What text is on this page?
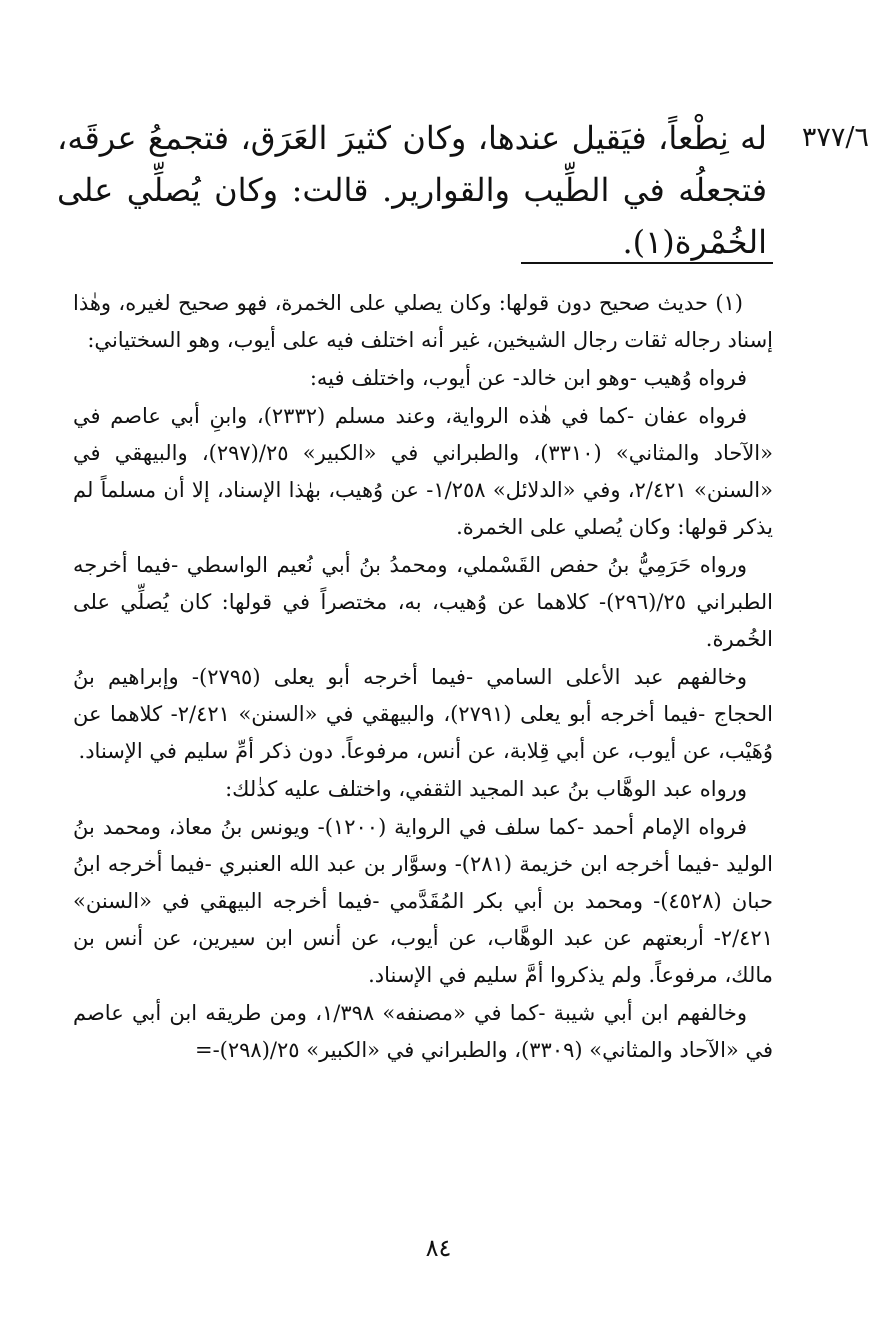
٣٧٧/٦

له نِطْعاً، فيَقيل عندها، وكان كثيرَ العَرَق، فتجمعُ عرقَه، فتجعلُه في الطِّيب والقوارير. قالت: وكان يُصلِّي على الخُمْرة(١).

(١) حديث صحيح دون قولها: وكان يصلي على الخمرة، فهو صحيح لغيره، وهٰذا إسناد رجاله ثقات رجال الشيخين، غير أنه اختلف فيه على أيوب، وهو السختياني:

فرواه وُهيب -وهو ابن خالد- عن أيوب، واختلف فيه:

فرواه عفان -كما في هٰذه الرواية، وعند مسلم (٢٣٣٢)، وابنِ أبي عاصم في «الآحاد والمثاني» (٣٣١٠)، والطبراني في «الكبير» ٢٥/(٢٩٧)، والبيهقي في «السنن» ٢/٤٢١، وفي «الدلائل» ١/٢٥٨- عن وُهيب، بهٰذا الإسناد، إلا أن مسلماً لم يذكر قولها: وكان يُصلي على الخمرة.

ورواه حَرَمِيُّ بنُ حفص القَسْملي، ومحمدُ بنُ أبي نُعيم الواسطي -فيما أخرجه الطبراني ٢٥/(٢٩٦)- كلاهما عن وُهيب، به، مختصراً في قولها: كان يُصلِّي على الخُمرة.

وخالفهم عبد الأعلى السامي -فيما أخرجه أبو يعلى (٢٧٩٥)- وإبراهيم بنُ الحجاج -فيما أخرجه أبو يعلى (٢٧٩١)، والبيهقي في «السنن» ٢/٤٢١- كلاهما عن وُهَيْب، عن أيوب، عن أبي قِلابة، عن أنس، مرفوعاً. دون ذكر أمِّ سليم في الإسناد.

ورواه عبد الوهَّاب بنُ عبد المجيد الثقفي، واختلف عليه كذٰلك:

فرواه الإمام أحمد -كما سلف في الرواية (١٢٠٠)- ويونس بنُ معاذ، ومحمد بنُ الوليد -فيما أخرجه ابن خزيمة (٢٨١)- وسوَّار بن عبد الله العنبري -فيما أخرجه ابنُ حبان (٤٥٢٨)- ومحمد بن أبي بكر المُقَدَّمي -فيما أخرجه البيهقي في «السنن» ٢/٤٢١- أربعتهم عن عبد الوهَّاب، عن أيوب، عن أنس ابن سيرين، عن أنس بن مالك، مرفوعاً. ولم يذكروا أمَّ سليم في الإسناد.

وخالفهم ابن أبي شيبة -كما في «مصنفه» ١/٣٩٨، ومن طريقه ابن أبي عاصم في «الآحاد والمثاني» (٣٣٠٩)، والطبراني في «الكبير» ٢٥/(٢٩٨)-=

٨٤
